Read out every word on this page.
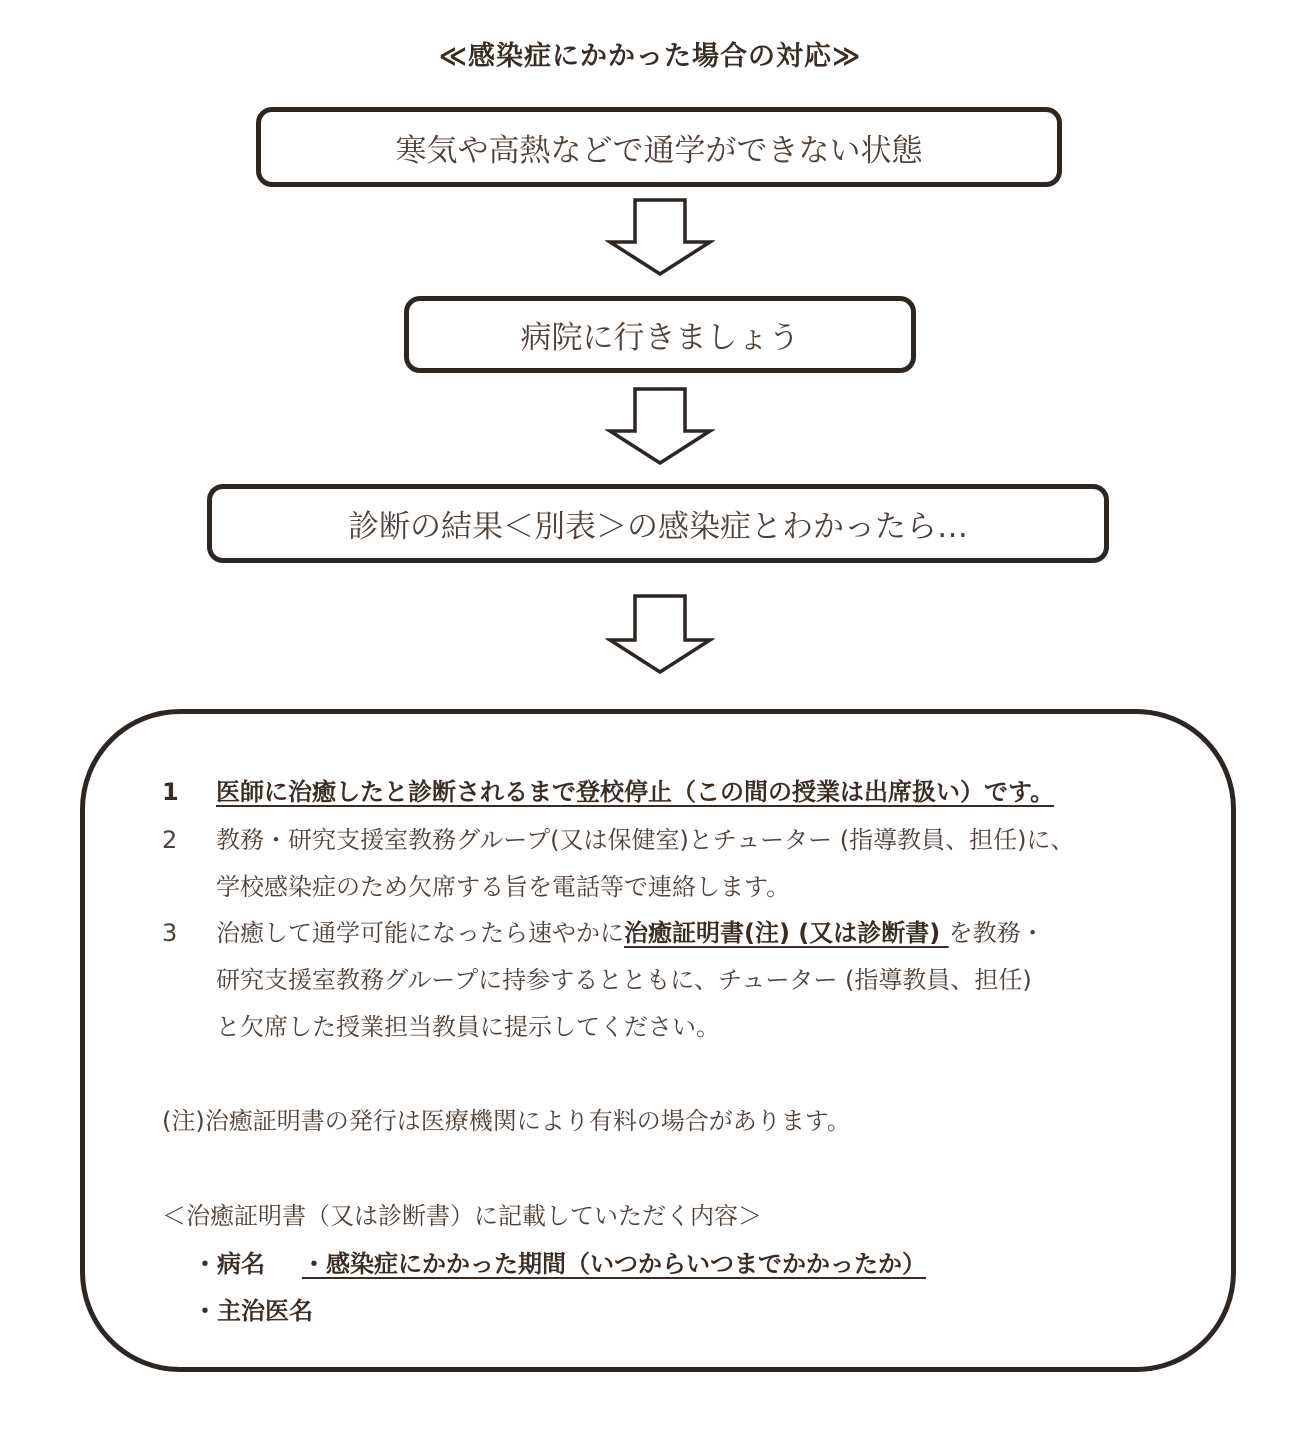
≪感染症にかかった場合の対応≫
寒気や高熱などで通学ができない状態
病院に行きましょう
診断の結果＜別表＞の感染症とわかったら…
1 医師に治癒したと診断されるまで登校停止（この間の授業は出席扱い）です。
2 教務・研究支援室教務グループ(又は保健室)とチューター (指導教員、担任)に、
学校感染症のため欠席する旨を電話等で連絡します。
3 治癒して通学可能になったら速やかに治癒証明書(注) (又は診断書) を教務・
研究支援室教務グループに持参するとともに、チューター (指導教員、担任)
と欠席した授業担当教員に提示してください。
(注)治癒証明書の発行は医療機関により有料の場合があります。
＜治癒証明書（又は診断書）に記載していただく内容＞
・病名 ・感染症にかかった期間（いつからいつまでかかったか）
・主治医名
